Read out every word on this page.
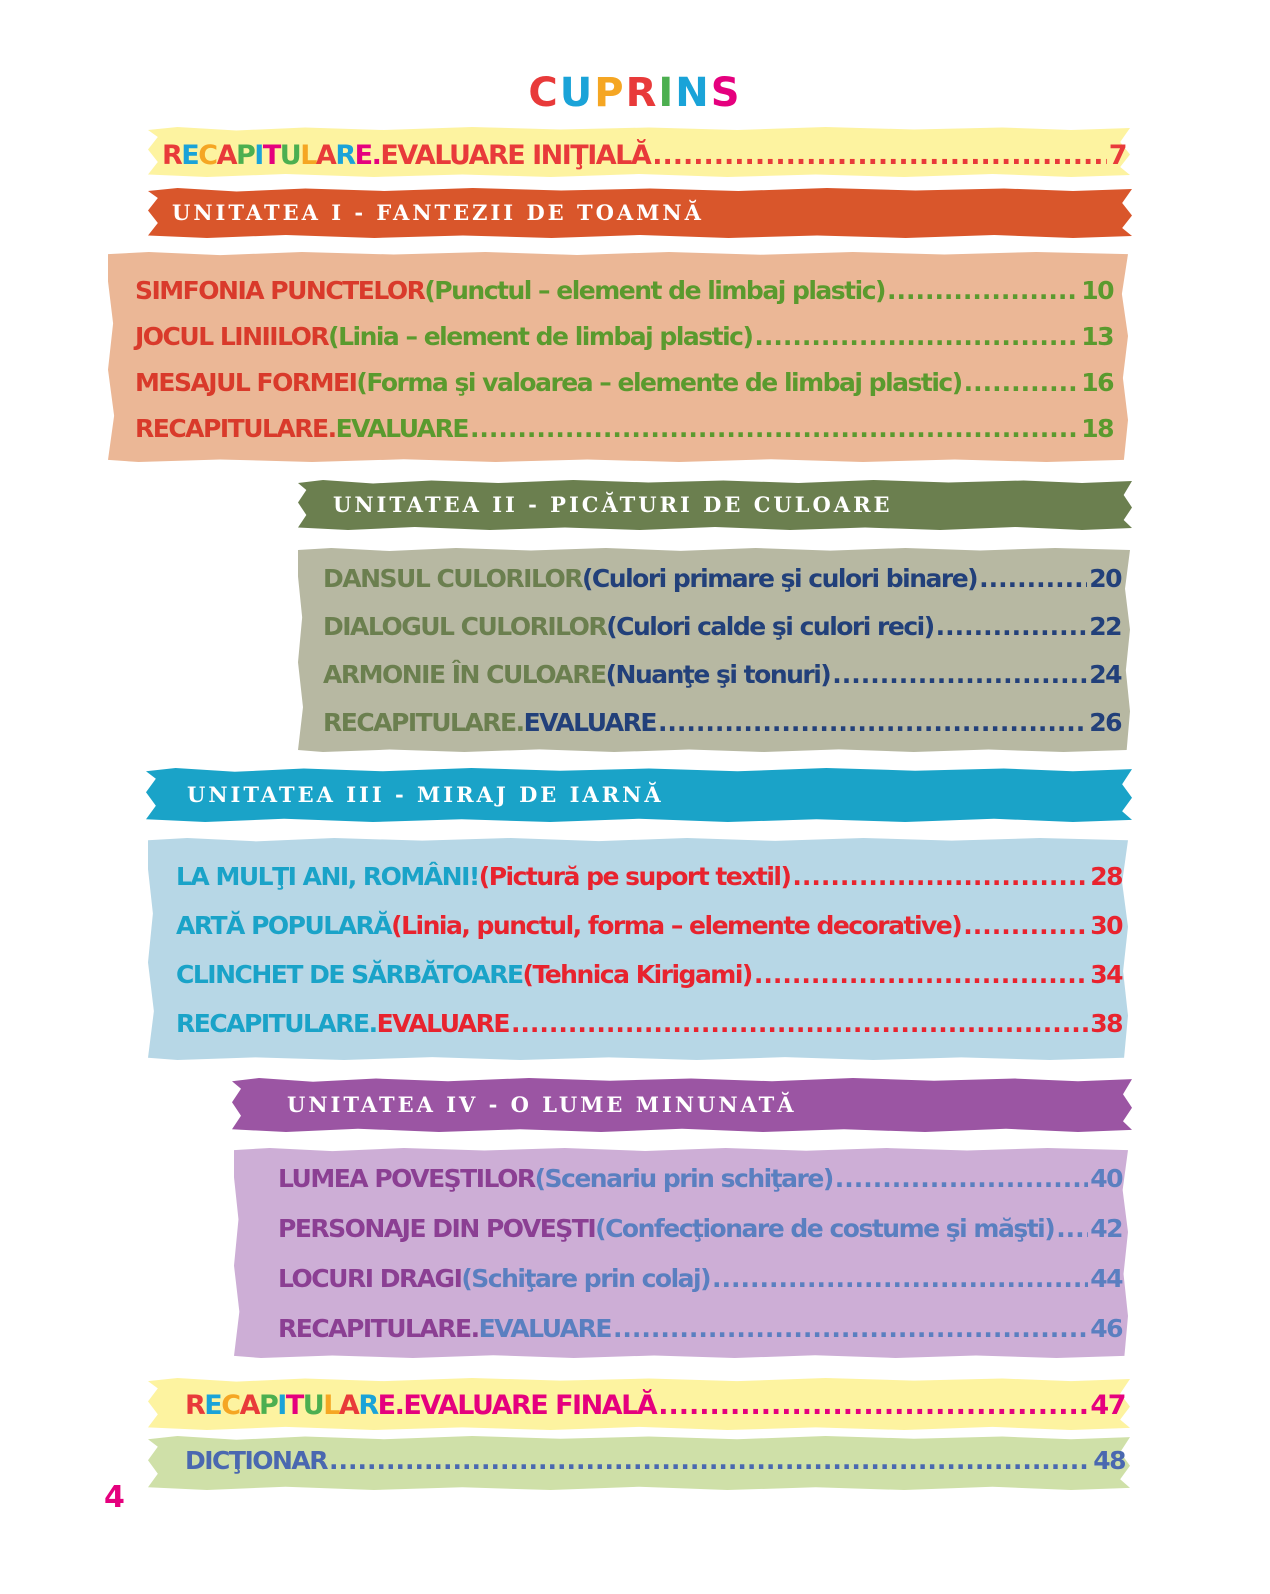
CUPRINS
RECAPITULARE. EVALUARE INIŢIALĂ .....	7
UNITATEA I - FANTEZII DE TOAMNĂ
SIMFONIA PUNCTELOR (Punctul – element de limbaj plastic) .....	10
JOCUL LINIILOR (Linia – element de limbaj plastic) .....	13
MESAJUL FORMEI (Forma şi valoarea – elemente de limbaj plastic) .....	16
RECAPITULARE. EVALUARE .....	18
UNITATEA II - PICĂTURI DE CULOARE
DANSUL CULORILOR (Culori primare şi culori binare) .....	20
DIALOGUL CULORILOR (Culori calde şi culori reci) .....	22
ARMONIE ÎN CULOARE (Nuanţe şi tonuri) .....	24
RECAPITULARE. EVALUARE .....	26
UNITATEA III - MIRAJ DE IARNĂ
LA MULŢI ANI, ROMÂNI! (Pictură pe suport textil) .....	28
ARTĂ POPULARĂ (Linia, punctul, forma – elemente decorative) .....	30
CLINCHET DE SĂRBĂTOARE (Tehnica Kirigami) .....	34
RECAPITULARE. EVALUARE .....	38
UNITATEA IV - O LUME MINUNATĂ
LUMEA POVEŞTILOR (Scenariu prin schiţare) .....	40
PERSONAJE DIN POVEŞTI (Confecţionare de costume şi măşti) ..... 42
LOCURI DRAGI (Schiţare prin colaj) .....	44
RECAPITULARE. EVALUARE .....	46
RECAPITULARE. EVALUARE FINALĂ .....	47
DICŢIONAR .....	48
4
